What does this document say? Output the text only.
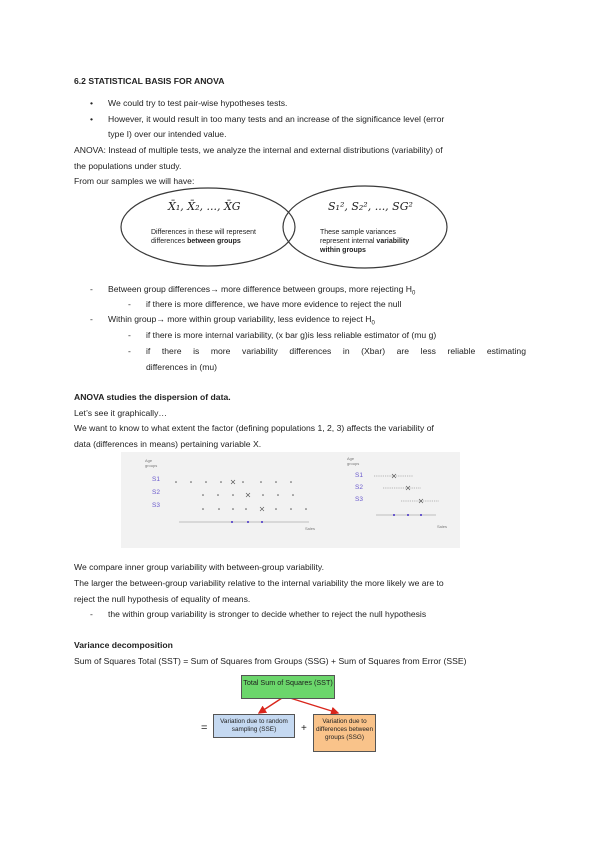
6.2 STATISTICAL BASIS FOR ANOVA
• We could try to test pair-wise hypotheses tests.
• However, it would result in too many tests and an increase of the significance level (error
type I) over our intended value.
ANOVA: Instead of multiple tests, we analyze the internal and external distributions (variability) of
the populations under study.
From our samples we will have:
X̄₁, X̄₂, ..., X̄G
Differences in these will represent differences between groups
S₁², S₂², ..., SG²
These sample variances represent internal variability within groups
- Between group differences→ more difference between groups, more rejecting $H_0$
- if there is more difference, we have more evidence to reject the null
- Within group→ more within group variability, less evidence to reject $H_0$
- if there is more internal variability, (x bar g)is less reliable estimator of (mu g)
- if there is more variability differences in (Xbar) are less reliable estimating
differences in (mu)
ANOVA studies the dispersion of data.
Let’s see it graphically…
We want to know to what extent the factor (defining populations 1, 2, 3) affects the variability of
data (differences in means) pertaining variable X.
Age groups
S1
S2
S3
Sales
Age groups
S1
S2
S3
Sales
We compare inner group variability with between-group variability.
The larger the between-group variability relative to the internal variability the more likely we are to
reject the null hypothesis of equality of means.
- the within group variability is stronger to decide whether to reject the null hypothesis
Variance decomposition
Sum of Squares Total (SST) = Sum of Squares from Groups (SSG) + Sum of Squares from Error (SSE)
Total Sum of Squares (SST)
=
Variation due to random sampling (SSE)	+
Variation due to differences between groups (SSG)
